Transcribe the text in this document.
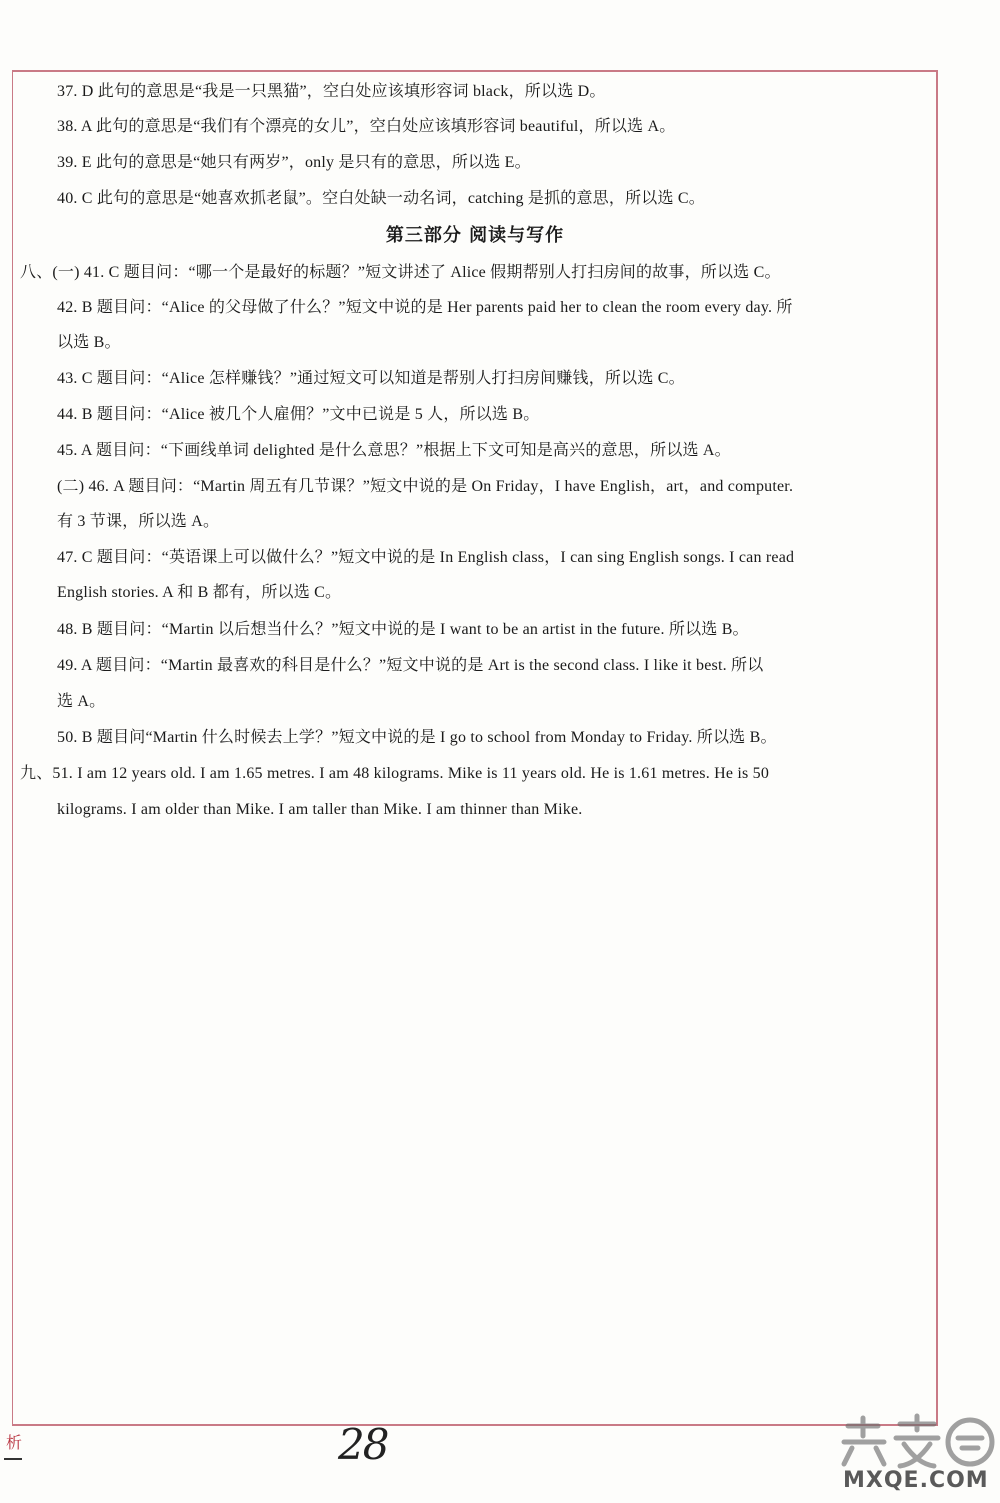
37. D 此句的意思是“我是一只黑猫”，空白处应该填形容词 black，所以选 D。
38. A 此句的意思是“我们有个漂亮的女儿”，空白处应该填形容词 beautiful，所以选 A。
39. E 此句的意思是“她只有两岁”，only 是只有的意思，所以选 E。
40. C 此句的意思是“她喜欢抓老鼠”。空白处缺一动名词，catching 是抓的意思，所以选 C。
第三部分 阅读与写作
八、(一) 41. C 题目问：“哪一个是最好的标题？”短文讲述了 Alice 假期帮别人打扫房间的故事，所以选 C。
42. B 题目问：“Alice 的父母做了什么？”短文中说的是 Her parents paid her to clean the room every day. 所
以选 B。
43. C 题目问：“Alice 怎样赚钱？”通过短文可以知道是帮别人打扫房间赚钱，所以选 C。
44. B 题目问：“Alice 被几个人雇佣？”文中已说是 5 人，所以选 B。
45. A 题目问：“下画线单词 delighted 是什么意思？”根据上下文可知是高兴的意思，所以选 A。
(二) 46. A 题目问：“Martin 周五有几节课？”短文中说的是 On Friday，I have English，art，and computer.
有 3 节课，所以选 A。
47. C 题目问：“英语课上可以做什么？”短文中说的是 In English class，I can sing English songs. I can read
English stories. A 和 B 都有，所以选 C。
48. B 题目问：“Martin 以后想当什么？”短文中说的是 I want to be an artist in the future. 所以选 B。
49. A 题目问：“Martin 最喜欢的科目是什么？”短文中说的是 Art is the second class. I like it best. 所以
选 A。
50. B 题目问“Martin 什么时候去上学？”短文中说的是 I go to school from Monday to Friday. 所以选 B。
九、51. I am 12 years old. I am 1.65 metres. I am 48 kilograms. Mike is 11 years old. He is 1.61 metres. He is 50
kilograms. I am older than Mike. I am taller than Mike. I am thinner than Mike.
析	28
MXQE.COM
